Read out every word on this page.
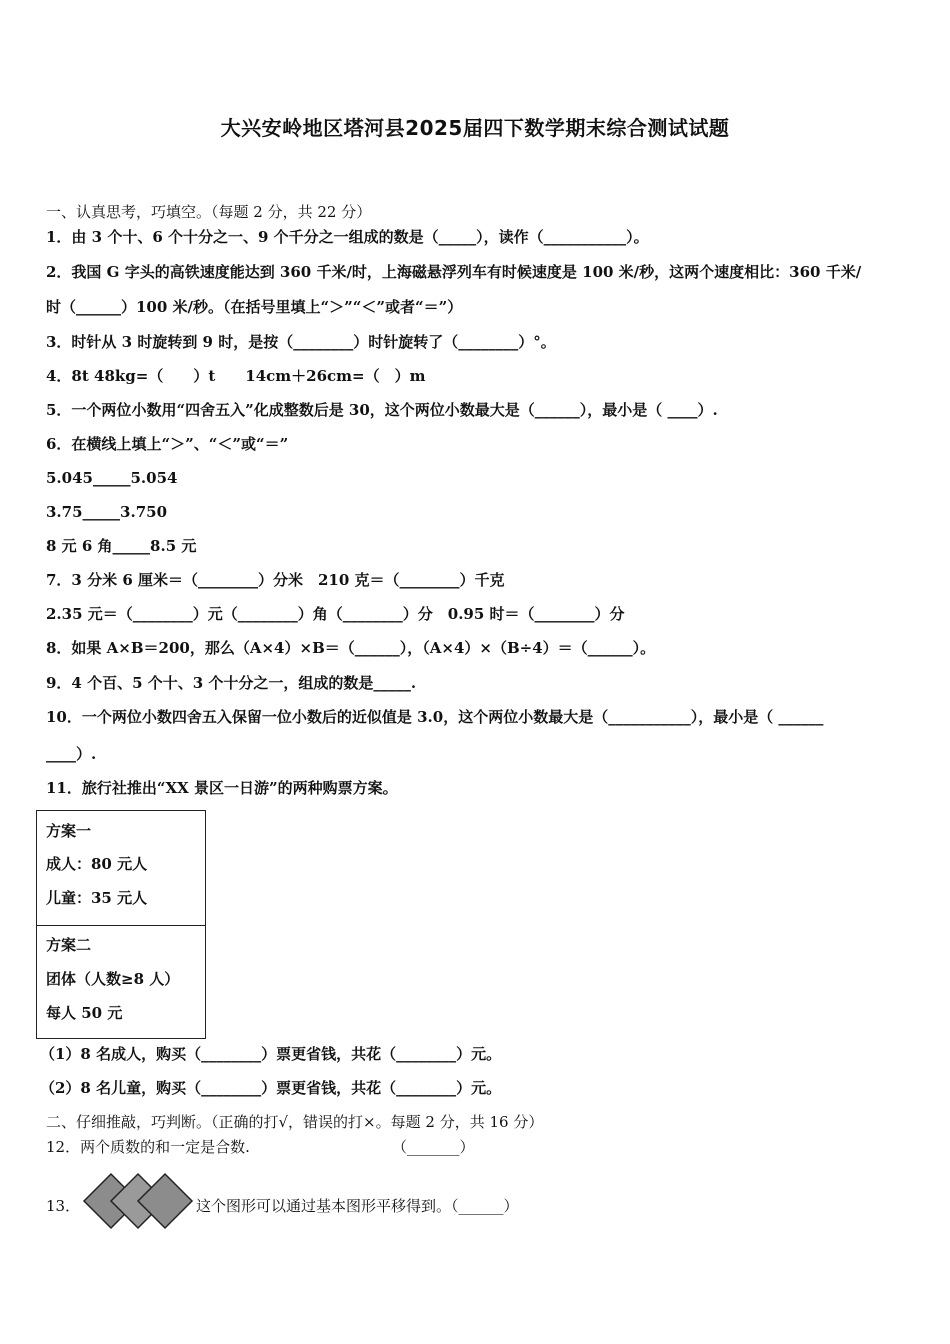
大兴安岭地区塔河县2025届四下数学期末综合测试试题
一、认真思考，巧填空。（每题 2 分，共 22 分）
1．由 3 个十、6 个十分之一、9 个千分之一组成的数是（_____），读作（___________）。
2．我国 G 字头的高铁速度能达到 360 千米/时，上海磁悬浮列车有时候速度是 100 米/秒，这两个速度相比：360 千米/
时（______）100 米/秒。（在括号里填上“＞”“＜”或者“＝”）
3．时针从 3 时旋转到 9 时，是按（________）时针旋转了（________）°。
4．8t 48kg=（　　）t　　14cm＋26cm=（　）m
5．一个两位小数用“四舍五入”化成整数后是 30，这个两位小数最大是（______），最小是（ ____）.
6．在横线上填上“＞”、“＜”或“＝”
5.045_____5.054
3.75_____3.750
8 元 6 角_____8.5 元
7．3 分米 6 厘米＝（________）分米　210 克＝（________）千克
2.35 元＝（________）元（________）角（________）分　0.95 时＝（________）分
8．如果 A×B＝200，那么（A×4）×B＝（______），（A×4）×（B÷4）＝（______）。
9．4 个百、5 个十、3 个十分之一，组成的数是_____.
10．一个两位小数四舍五入保留一位小数后的近似值是 3.0，这个两位小数最大是（___________），最小是（ ______
____）.
11．旅行社推出“XX 景区一日游”的两种购票方案。
方案一
成人：80 元人
儿童：35 元人
方案二
团体（人数≥8 人）
每人 50 元
（1）8 名成人，购买（________）票更省钱，共花（________）元。
（2）8 名儿童，购买（________）票更省钱，共花（________）元。
二、仔细推敲，巧判断。（正确的打√，错误的打×。每题 2 分，共 16 分）
12．两个质数的和一定是合数.	（_______）
13．	这个图形可以通过基本图形平移得到。（______）
